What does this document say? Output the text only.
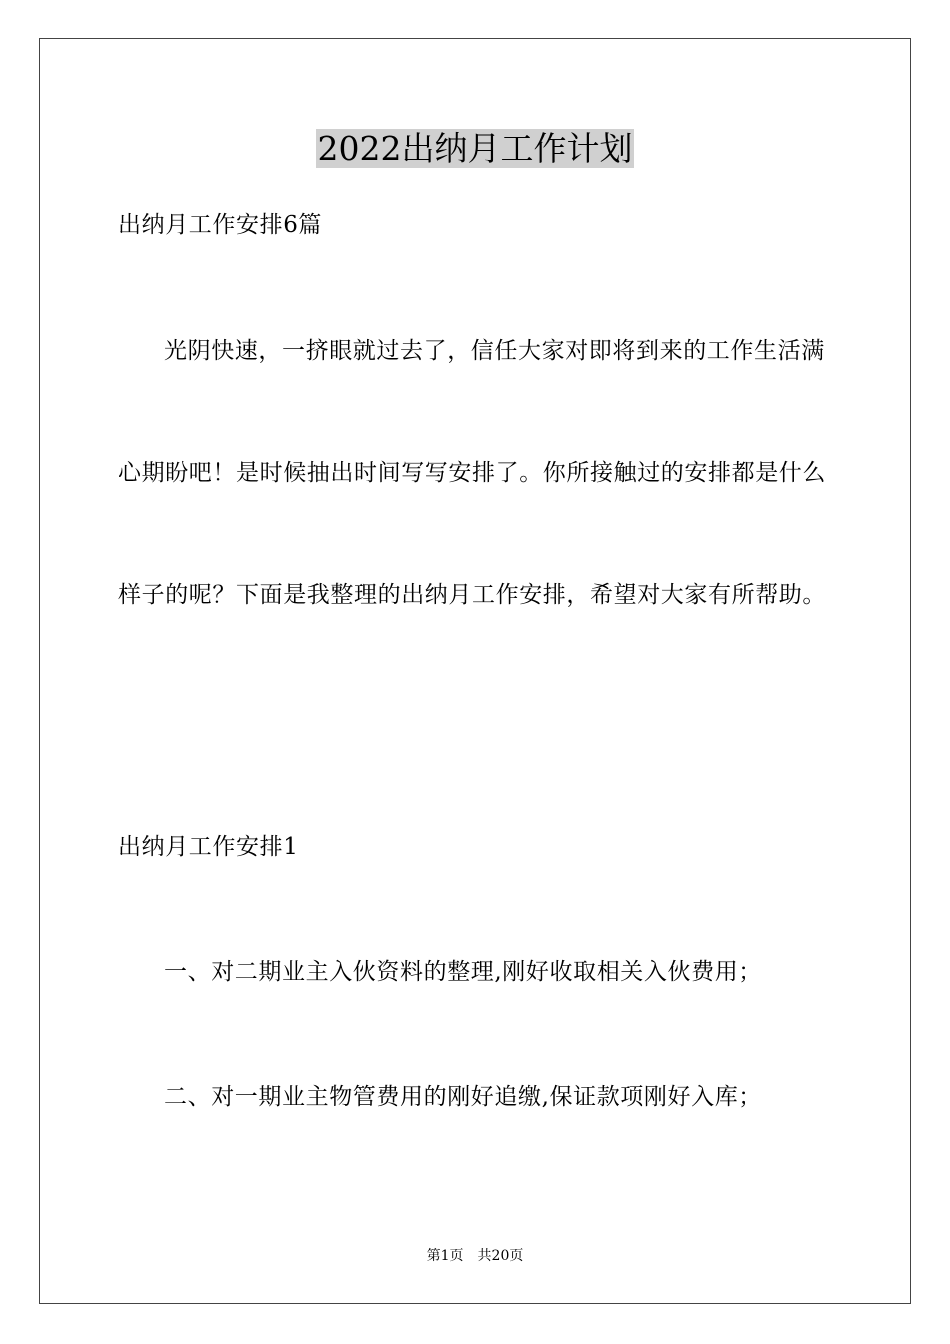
2022出纳月工作计划
出纳月工作安排6篇
光阴快速，一挤眼就过去了，信任大家对即将到来的工作生活满
心期盼吧！是时候抽出时间写写安排了。你所接触过的安排都是什么
样子的呢？下面是我整理的出纳月工作安排，希望对大家有所帮助。
出纳月工作安排1
一、对二期业主入伙资料的整理,刚好收取相关入伙费用；
二、对一期业主物管费用的刚好追缴,保证款项刚好入库；
第1页 共20页
